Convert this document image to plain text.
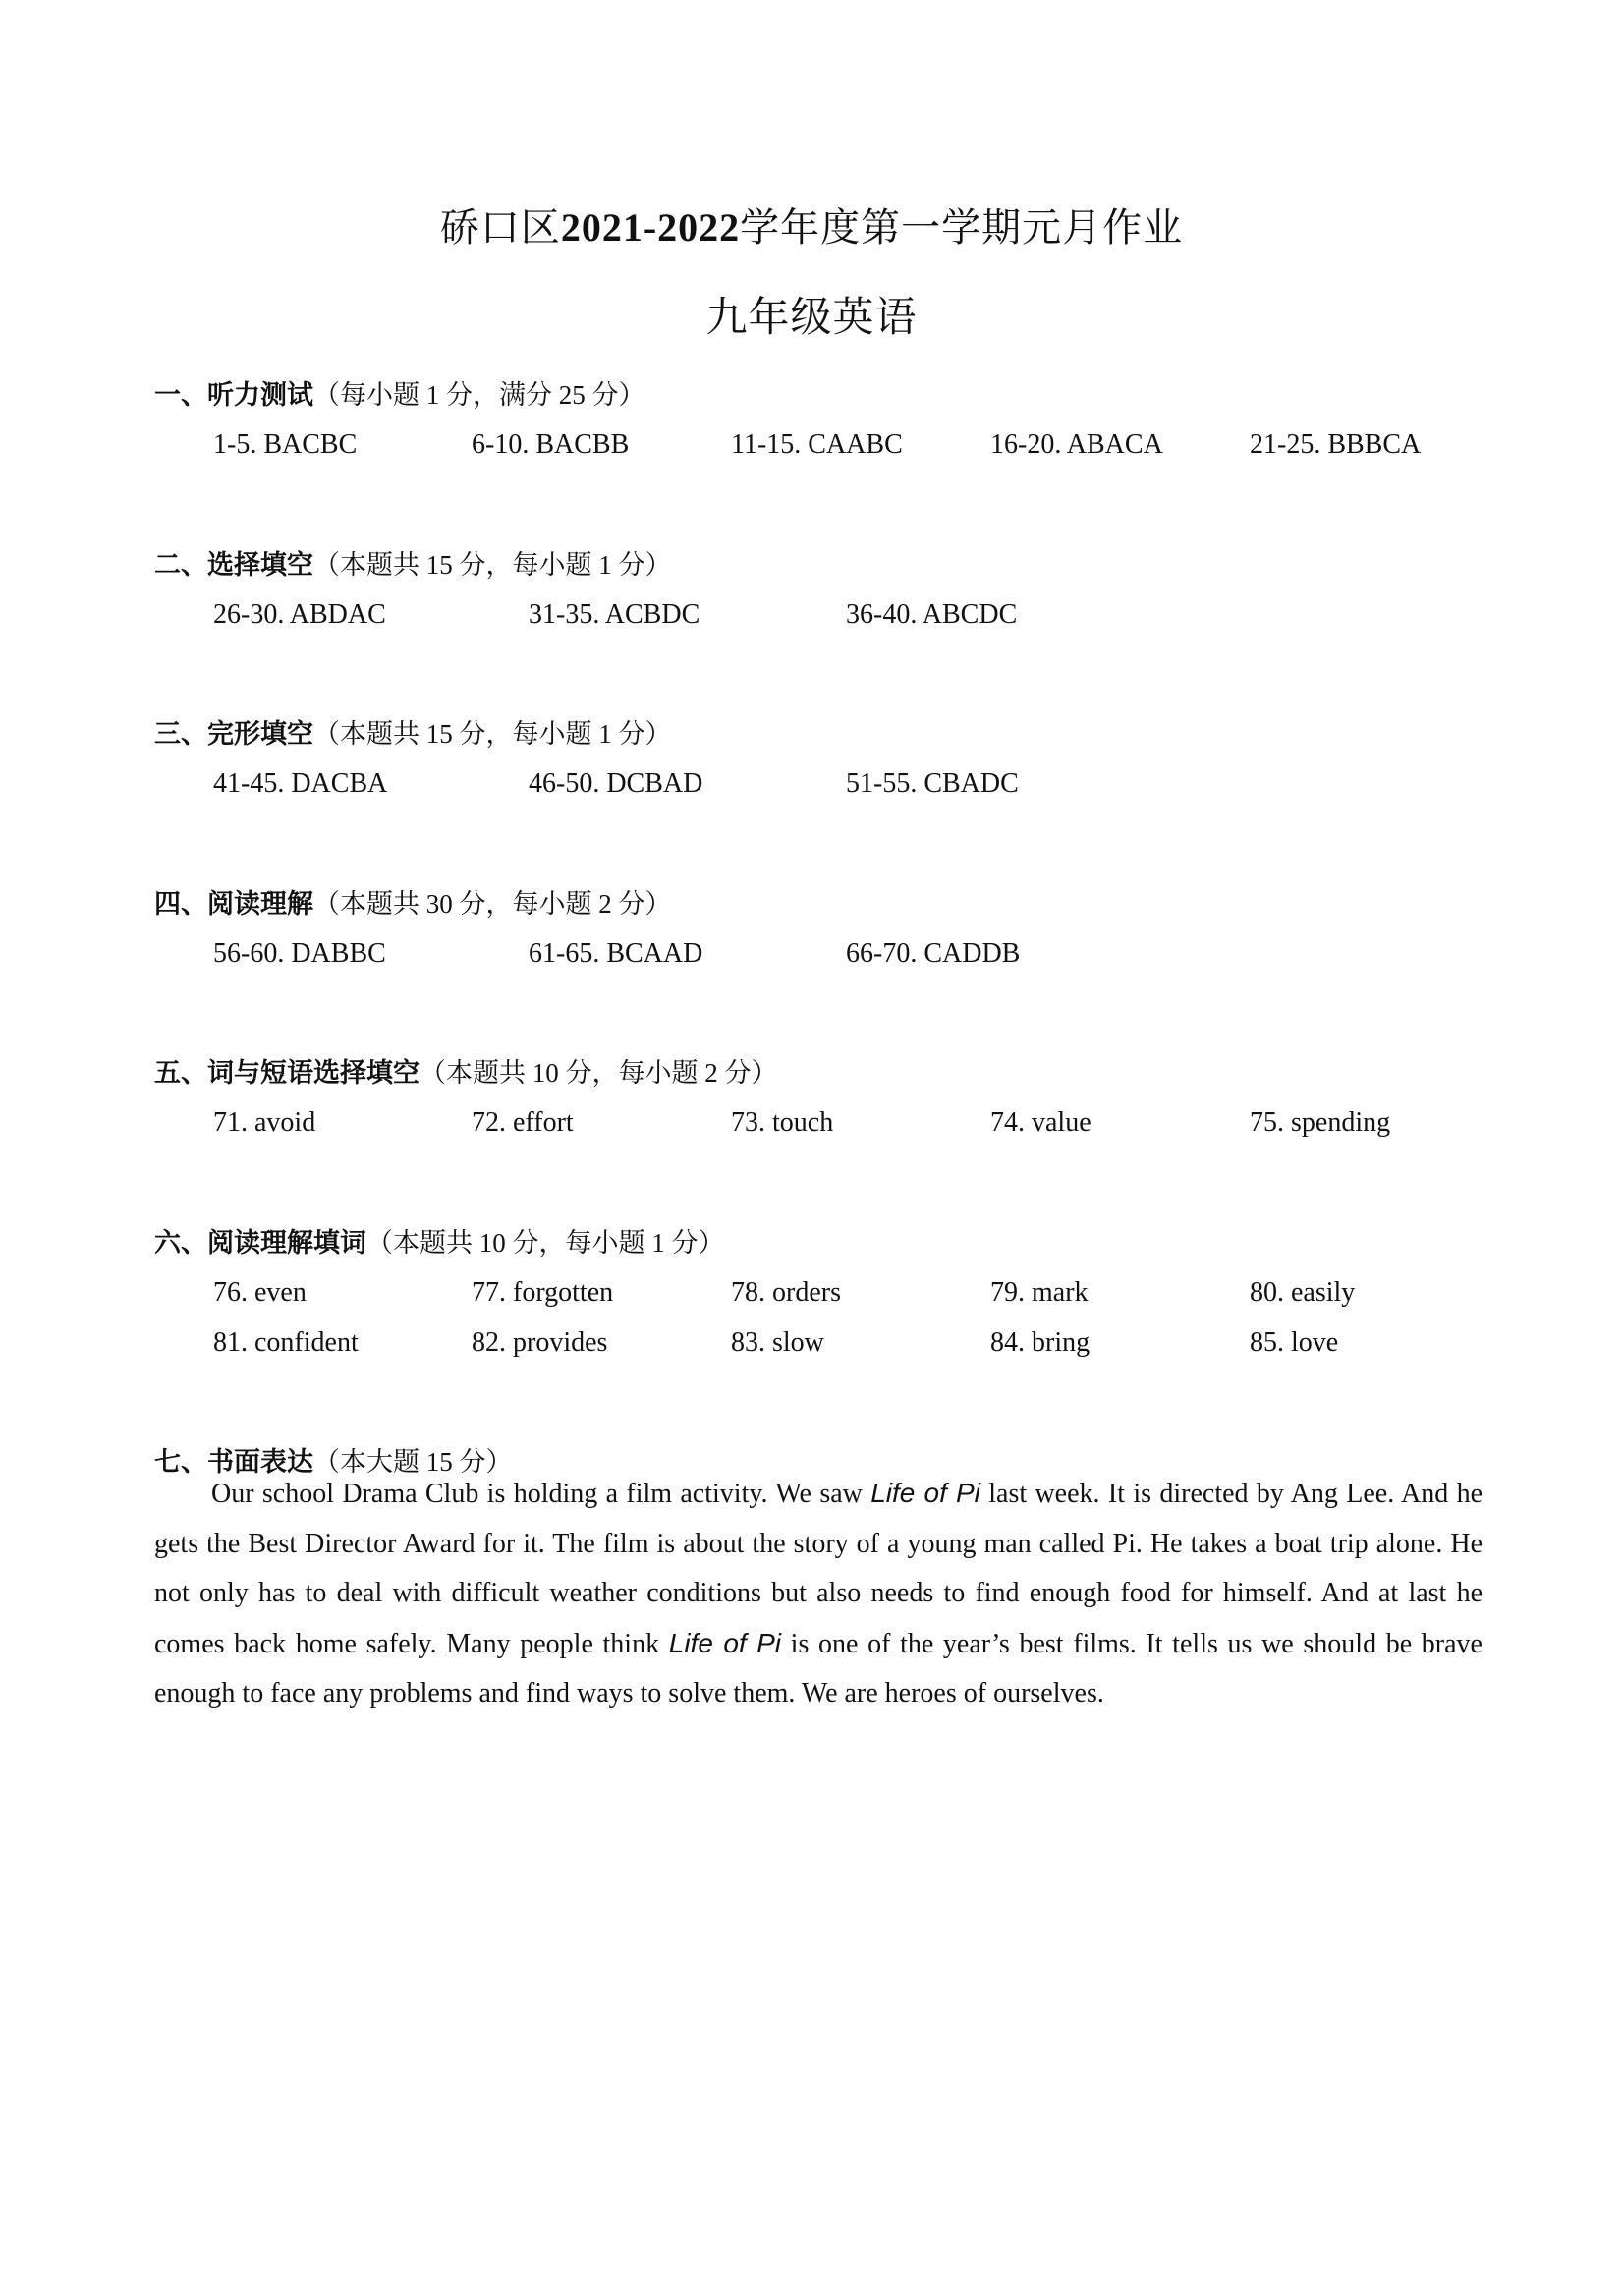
硚口区2021-2022学年度第一学期元月作业
九年级英语
一、听力测试（每小题 1 分，满分 25 分）
1-5. BACBC	6-10. BACBB	11-15. CAABC	16-20. ABACA	21-25. BBBCA
二、选择填空（本题共 15 分，每小题 1 分）
26-30. ABDAC	31-35. ACBDC	36-40. ABCDC
三、完形填空（本题共 15 分，每小题 1 分）
41-45. DACBA	46-50. DCBAD	51-55. CBADC
四、阅读理解（本题共 30 分，每小题 2 分）
56-60. DABBC	61-65. BCAAD	66-70. CADDB
五、词与短语选择填空（本题共 10 分，每小题 2 分）
71. avoid	72. effort	73. touch	74. value	75. spending
六、阅读理解填词（本题共 10 分，每小题 1 分）
76. even	77. forgotten	78. orders	79. mark	80. easily
81. confident	82. provides	83. slow	84. bring	85. love
七、书面表达（本大题 15 分）
Our school Drama Club is holding a film activity. We saw Life of Pi last week. It is directed by Ang Lee. And he gets the Best Director Award for it. The film is about the story of a young man called Pi. He takes a boat trip alone. He not only has to deal with difficult weather conditions but also needs to find enough food for himself. And at last he comes back home safely. Many people think Life of Pi is one of the year’s best films. It tells us we should be brave enough to face any problems and find ways to solve them. We are heroes of ourselves.
